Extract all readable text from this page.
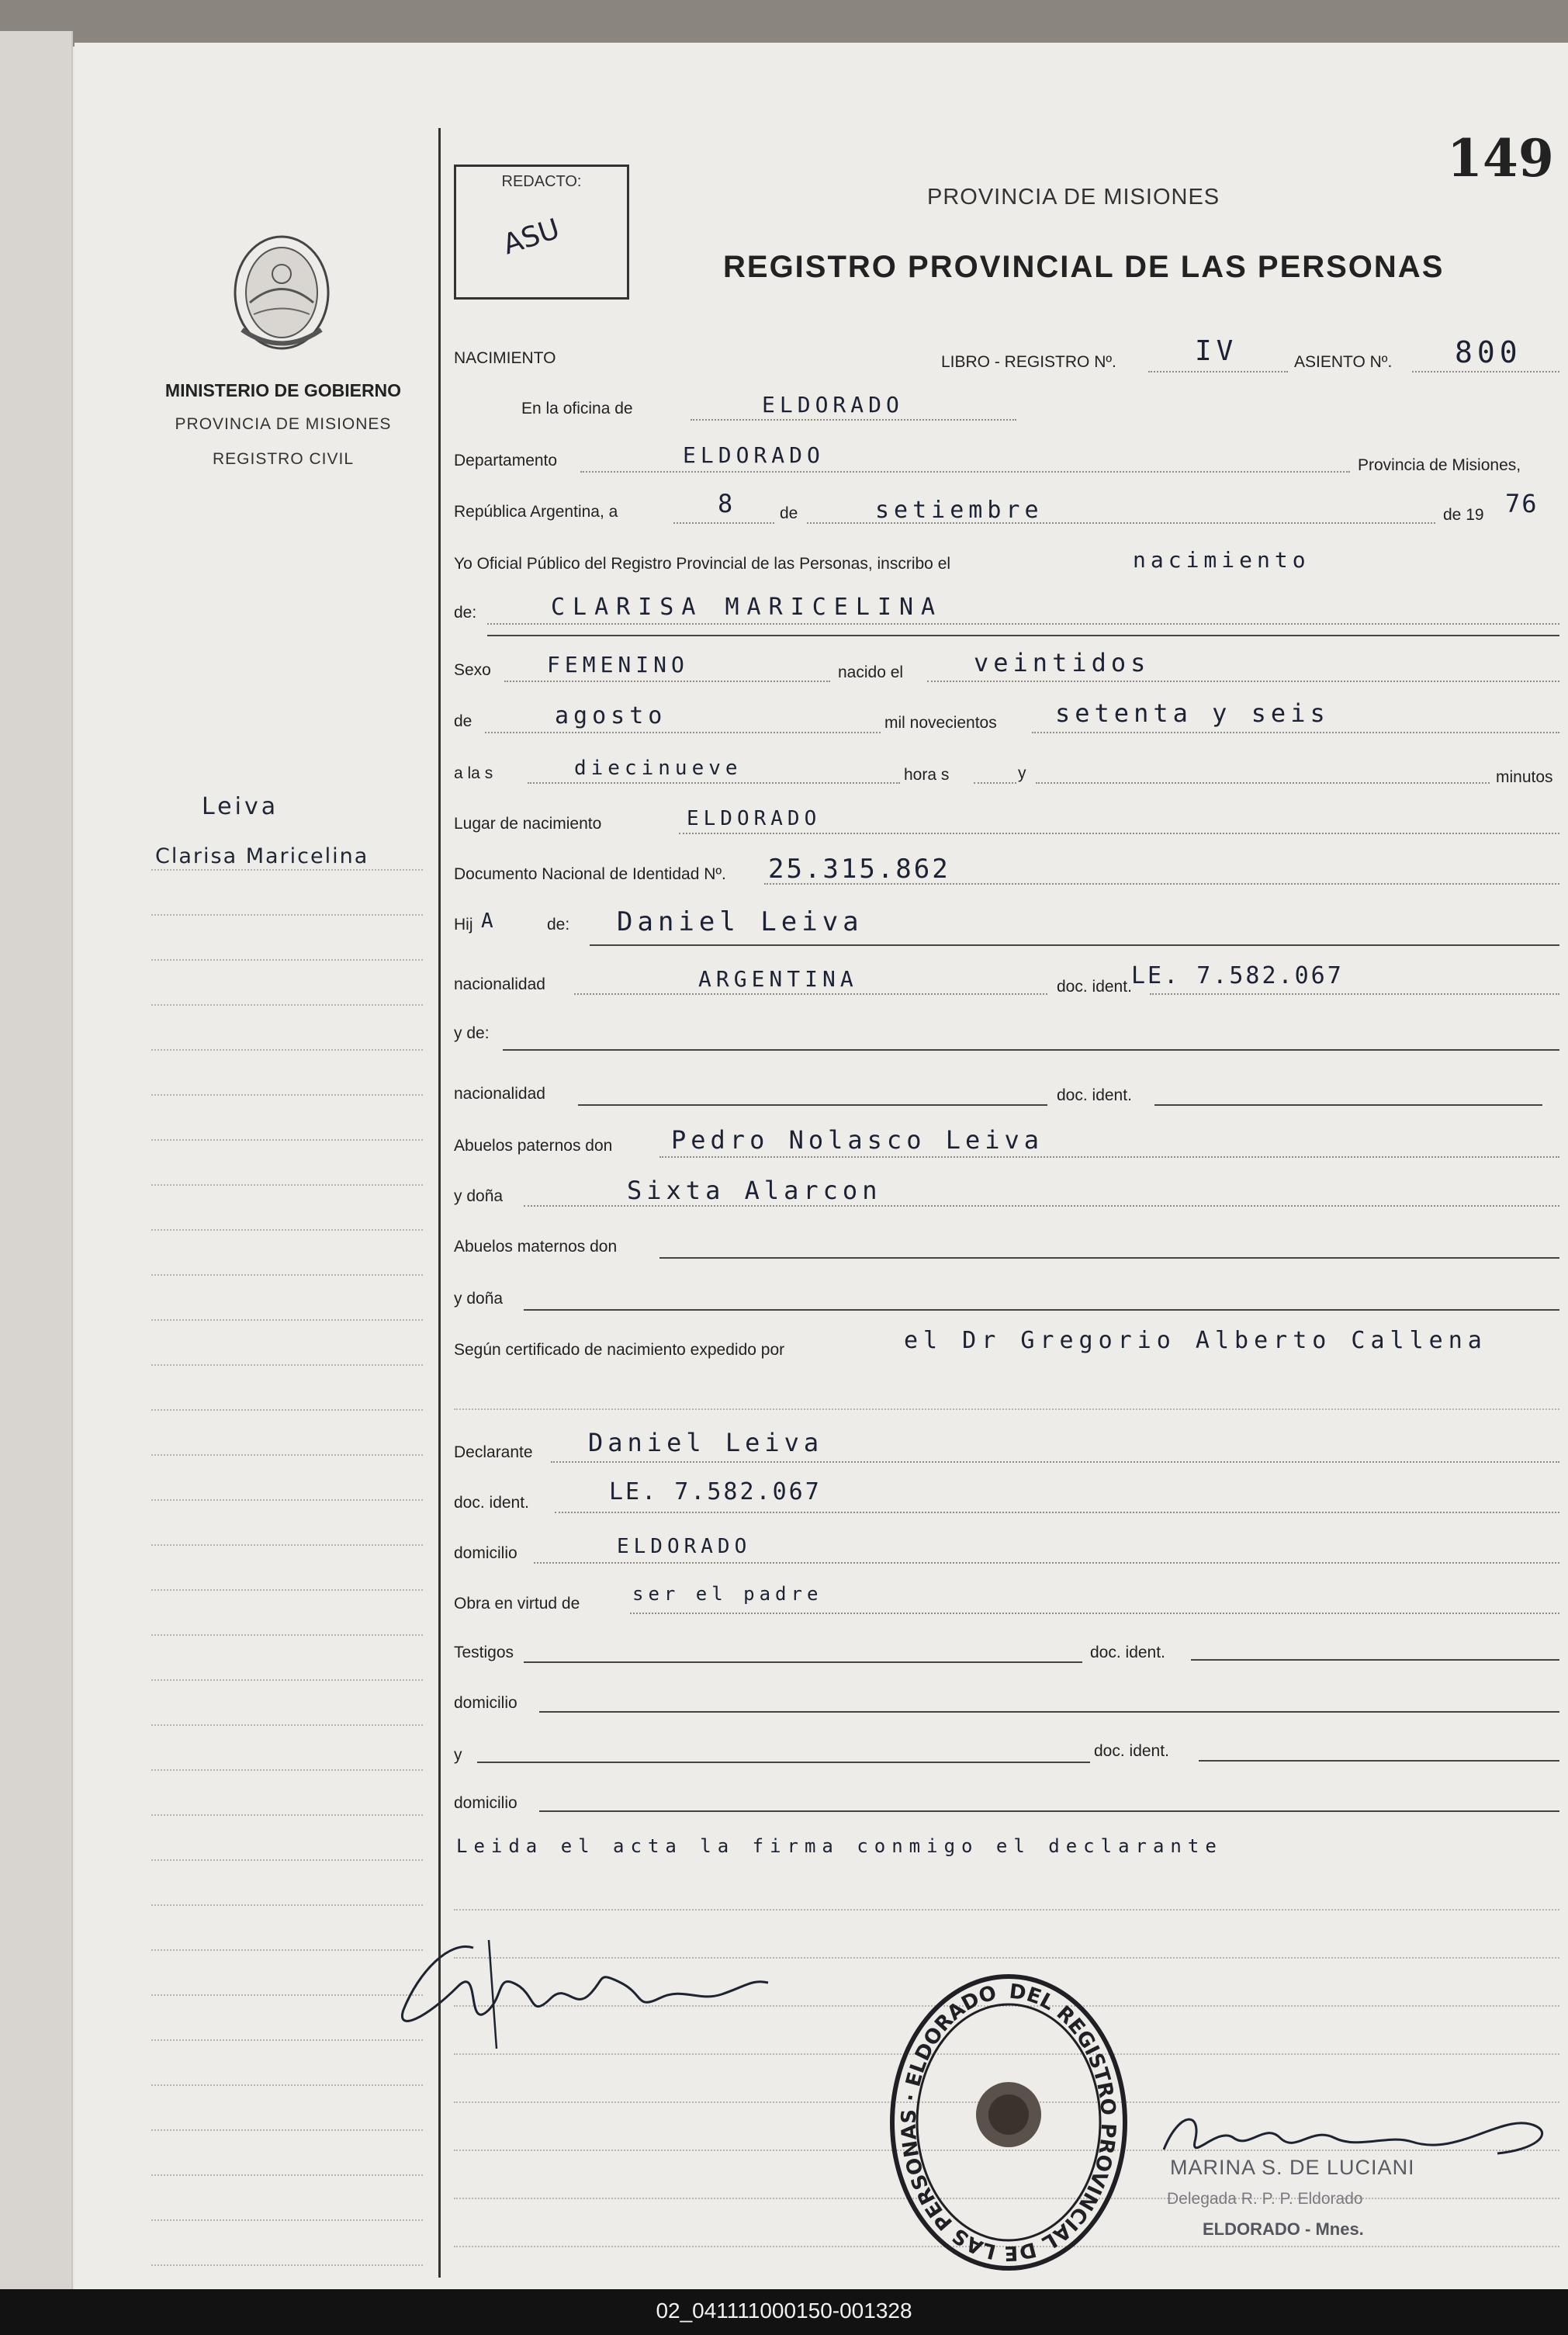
REDACTO:
ASU
149
PROVINCIA DE MISIONES
REGISTRO PROVINCIAL DE LAS PERSONAS
MINISTERIO DE GOBIERNO
PROVINCIA DE MISIONES
REGISTRO CIVIL
Leiva
Clarisa Maricelina
NACIMIENTO	LIBRO - REGISTRO Nº.	IV	ASIENTO Nº. 800
En la oficina de	ELDORADO
Departamento	ELDORADO	Provincia de Misiones,
República Argentina, a	8	de	setiembre	de 19 76
Yo Oficial Público del Registro Provincial de las Personas, inscribo el	nacimiento
de:	CLARISA MARICELINA
Sexo	FEMENINO	nacido el	veintidos
de	agosto	mil novecientos setenta y seis
a la s	diecinueve	hora s	y	minutos
Lugar de nacimiento	ELDORADO
Documento Nacional de Identidad Nº. 25.315.862
Hij A	de: Daniel Leiva
nacionalidad	ARGENTINA	doc. ident. LE. 7.582.067
y de:
nacionalidad	doc. ident.
Abuelos paternos don Pedro Nolasco Leiva
y doña	Sixta Alarcon
Abuelos maternos don
y doña
Según certificado de nacimiento expedido por	el Dr Gregorio Alberto Callena
Declarante Daniel Leiva
doc. ident.	LE. 7.582.067
domicilio	ELDORADO
Obra en virtud de	ser el padre
Testigos	doc. ident.
domicilio
y	doc. ident.
domicilio
Leida el acta la firma conmigo el declarante
DEL REGISTRO PROVINCIAL DE LAS PERSONAS · ELDORADO
MARINA S. DE LUCIANI
Delegada R. P. P. Eldorado
ELDORADO - Mnes.
02_041111000150-001328
